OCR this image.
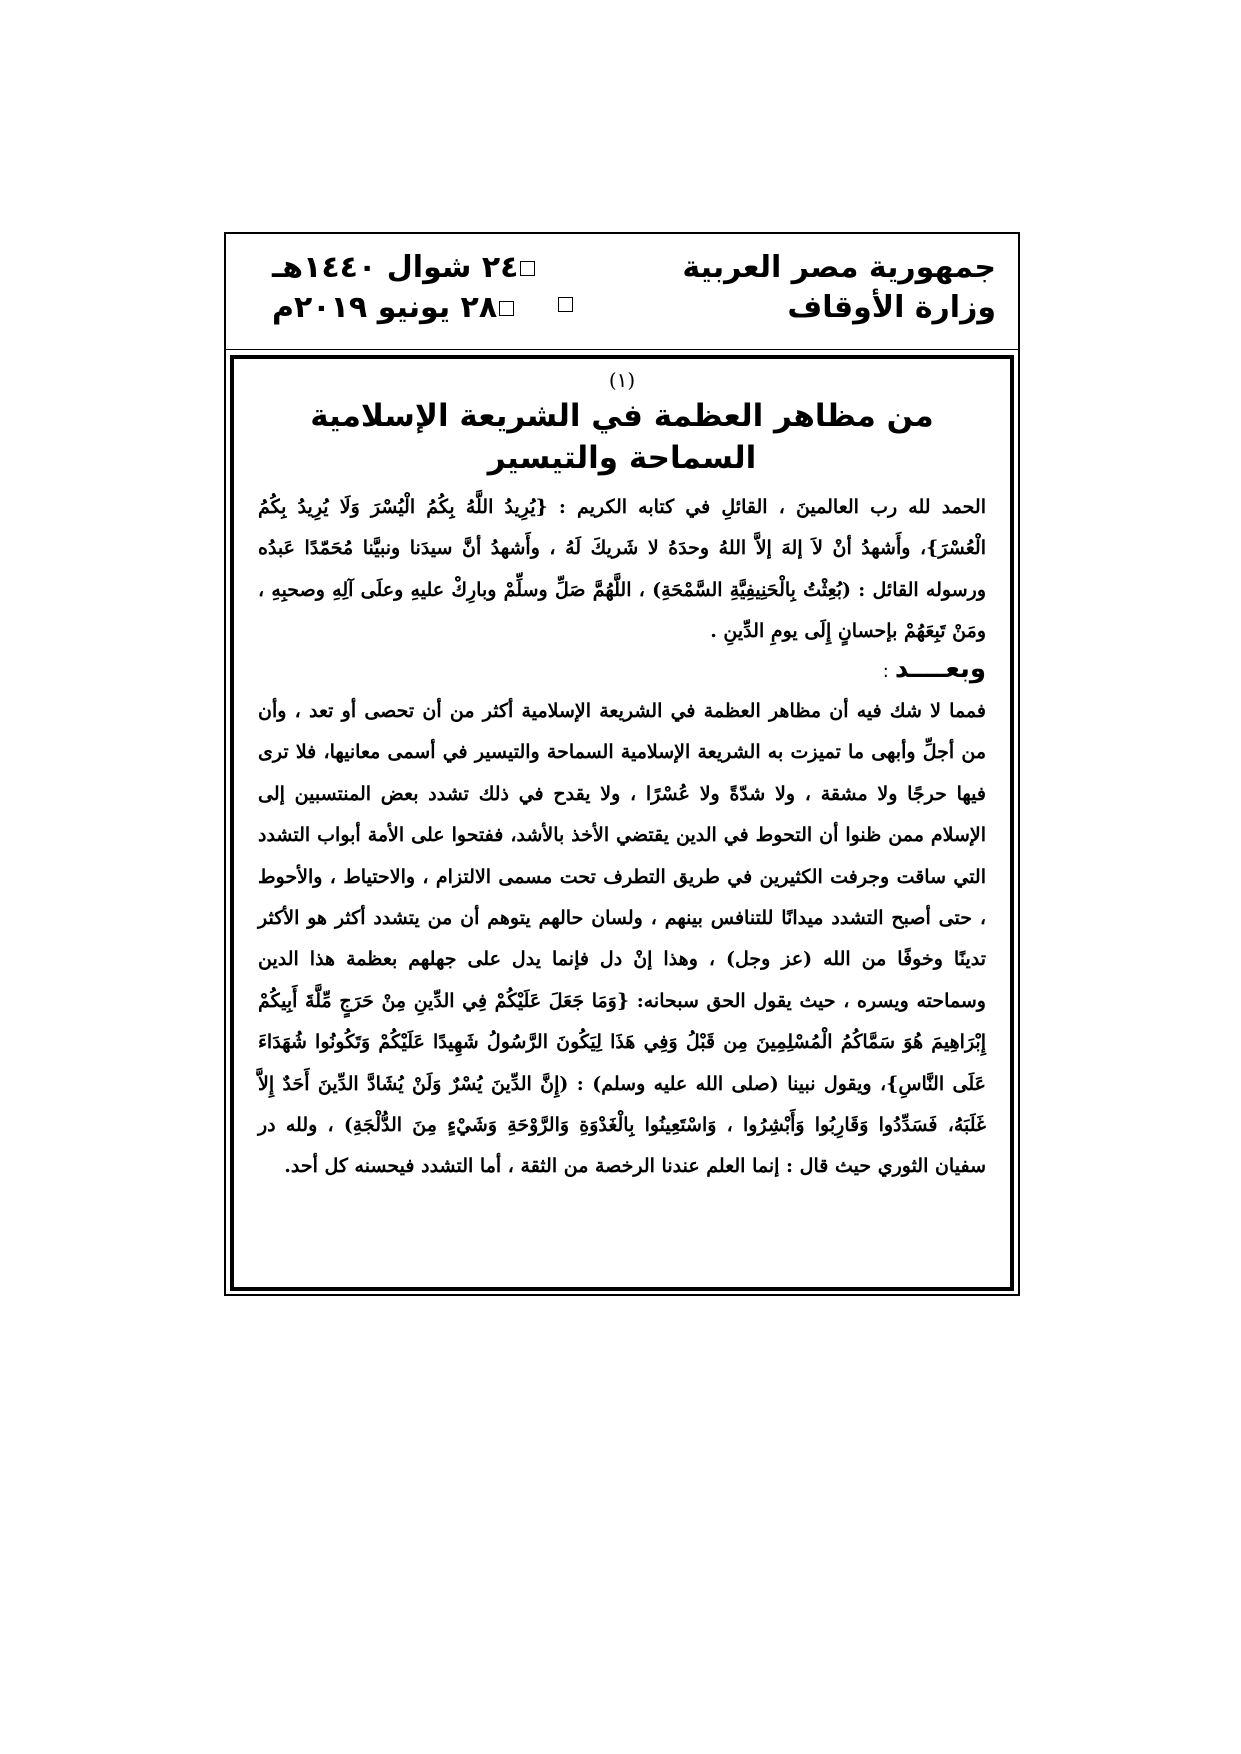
جمهورية مصر العربية
وزارة الأوقاف
٢٤ شوال ١٤٤٠هـ
٢٨ يونيو ٢٠١٩م
(١)
من مظاهر العظمة في الشريعة الإسلامية
السماحة والتيسير
الحمد لله رب العالمينَ ، القائلِ في كتابه الكريم : {يُرِيدُ اللَّهُ بِكُمُ الْيُسْرَ وَلَا يُرِيدُ بِكُمُ الْعُسْرَ}، وأَشهدُ أنْ لاَ إلهَ إلاَّ اللهُ وحدَهُ لا شَريكَ لَهُ ، وأَشهدُ أنَّ سيدَنا ونبيَّنا مُحَمّدًا عَبدُه ورسوله القائل : (بُعِثْتُ بِالْحَنِيفِيَّةِ السَّمْحَةِ) ، اللَّهُمَّ صَلِّ وسلِّمْ وبارِكْ عليهِ وعلَى آلِهِ وصحبِهِ ، ومَنْ تَبِعَهُمْ بإحسانٍ إِلَى يومِ الدِّينِ .
وبعــــد:
فمما لا شك فيه أن مظاهر العظمة في الشريعة الإسلامية أكثر من أن تحصى أو تعد ، وأن من أجلِّ وأبهى ما تميزت به الشريعة الإسلامية السماحة والتيسير في أسمى معانيها، فلا ترى فيها حرجًا ولا مشقة ، ولا شدّةً ولا عُسْرًا ، ولا يقدح في ذلك تشدد بعض المنتسبين إلى الإسلام ممن ظنوا أن التحوط في الدين يقتضي الأخذ بالأشد، ففتحوا على الأمة أبواب التشدد التي ساقت وجرفت الكثيرين في طريق التطرف تحت مسمى الالتزام ، والاحتياط ، والأحوط ، حتى أصبح التشدد ميدانًا للتنافس بينهم ، ولسان حالهم يتوهم أن من يتشدد أكثر هو الأكثر تدينًا وخوفًا من الله (عز وجل) ، وهذا إنْ دل فإنما يدل على جهلهم بعظمة هذا الدين وسماحته ويسره ، حيث يقول الحق سبحانه: {وَمَا جَعَلَ عَلَيْكُمْ فِي الدِّينِ مِنْ حَرَجٍ مِّلَّةَ أَبِيكُمْ إِبْرَاهِيمَ هُوَ سَمَّاكُمُ الْمُسْلِمِينَ مِن قَبْلُ وَفِي هَذَا لِيَكُونَ الرَّسُولُ شَهِيدًا عَلَيْكُمْ وَتَكُونُوا شُهَدَاءَ عَلَى النَّاسِ}، ويقول نبينا (صلى الله عليه وسلم) : (إِنَّ الدِّينَ يُسْرٌ وَلَنْ يُشَادَّ الدِّينَ أَحَدٌ إِلاَّ غَلَبَهُ، فَسَدِّدُوا وَقَارِبُوا وَأَبْشِرُوا ، وَاسْتَعِينُوا بِالْغَدْوَةِ وَالرَّوْحَةِ وَشَيْءٍ مِنَ الدُّلْجَةِ) ، ولله در سفيان الثوري حيث قال : إنما العلم عندنا الرخصة من الثقة ، أما التشدد فيحسنه كل أحد.
